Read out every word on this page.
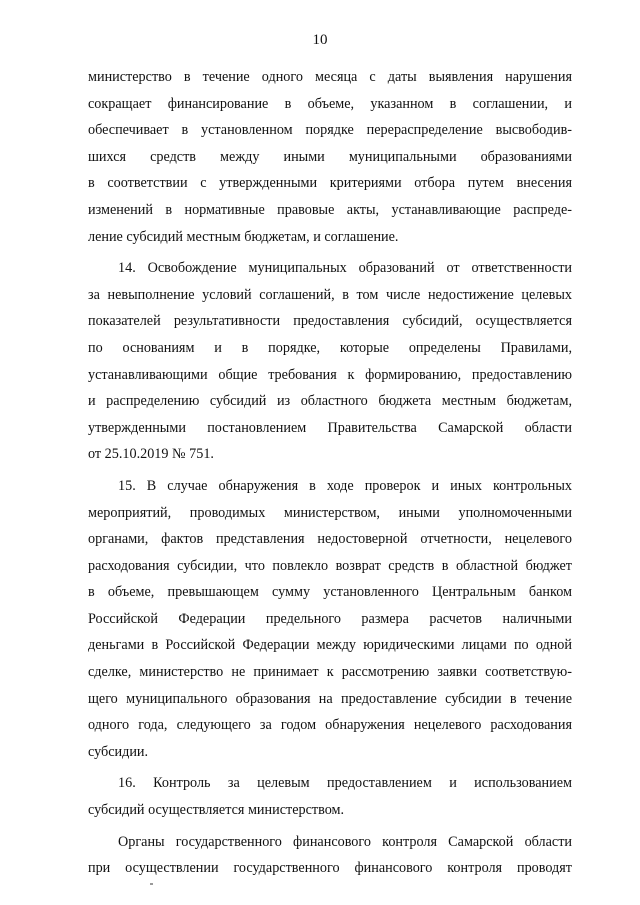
10
министерство в течение одного месяца с даты выявления нарушения
сокращает финансирование в объеме, указанном в соглашении, и
обеспечивает в установленном порядке перераспределение высвободив-
шихся средств между иными муниципальными образованиями
в соответствии с утвержденными критериями отбора путем внесения
изменений в нормативные правовые акты, устанавливающие распреде-
ление субсидий местным бюджетам, и соглашение.
14. Освобождение муниципальных образований от ответственности
за невыполнение условий соглашений, в том числе недостижение целевых
показателей результативности предоставления субсидий, осуществляется
по основаниям и в порядке, которые определены Правилами,
устанавливающими общие требования к формированию, предоставлению
и распределению субсидий из областного бюджета местным бюджетам,
утвержденными постановлением Правительства Самарской области
от 25.10.2019 № 751.
15. В случае обнаружения в ходе проверок и иных контрольных
мероприятий, проводимых министерством, иными уполномоченными
органами, фактов представления недостоверной отчетности, нецелевого
расходования субсидии, что повлекло возврат средств в областной бюджет
в объеме, превышающем сумму установленного Центральным банком
Российской Федерации предельного размера расчетов наличными
деньгами в Российской Федерации между юридическими лицами по одной
сделке, министерство не принимает к рассмотрению заявки соответствую-
щего муниципального образования на предоставление субсидии в течение
одного года, следующего за годом обнаружения нецелевого расходования
субсидии.
16. Контроль за целевым предоставлением и использованием
субсидий осуществляется министерством.
Органы государственного финансового контроля Самарской области
при осуществлении государственного финансового контроля проводят
